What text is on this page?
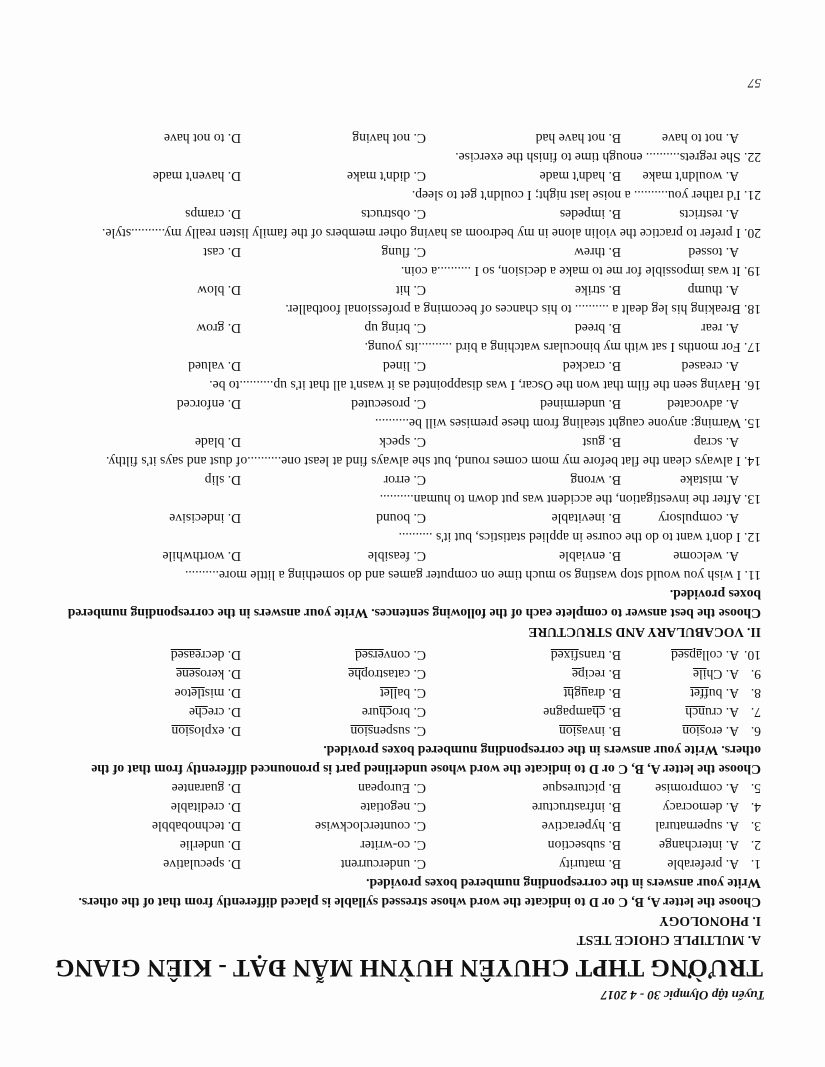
Tuyển tập Olympic 30 - 4 2017
TRƯỜNG THPT CHUYÊN HUỲNH MẪN ĐẠT - KIÊN GIANG
A. MULTIPLE CHOICE TEST
I. PHONOLOGY
Choose the letter A, B, C or D to indicate the word whose stressed syllable is placed differently from that of the others. Write your answers in the corresponding numbered boxes provided.
1.
A. preferable
B. maturity
C. undercurrent
D. speculative
2.
A. interchange
B. subsection
C. co-writer
D. underlie
3.
A. supernatural
B. hyperactive
C. counterclockwise
D. technobabble
4.
A. democracy
B. infrastructure
C. negotiate
D. creditable
5.
A. compromise
B. picturesque
C. European
D. guarantee
Choose the letter A, B, C or D to indicate the word whose underlined part is pronounced differently from that of the others. Write your answers in the corresponding numbered boxes provided.
6.
A. erosion
B. invasion
C. suspension
D. explosion
7.
A. crunch
B. champagne
C. brochure
D. creche
8.
A. buffet
B. draught
C. ballet
D. mistletoe
9.
A. Chile
B. recipe
C. catastrophe
D. kerosene
10.
A. collapsed
B. transfixed
C. conversed
D. decreased
II. VOCABULARY AND STRUCTURE
Choose the best answer to complete each of the following sentences. Write your answers in the corresponding numbered boxes provided.
11. I wish you would stop wasting so much time on computer games and do something a little more..........
A. welcome
B. enviable
C. feasible
D. worthwhile
12. I don't want to do the course in applied statistics, but it's ..........
A. compulsory
B. inevitable
C. bound
D. indecisive
13. After the investigation, the accident was put down to human..........
A. mistake
B. wrong
C. error
D. slip
14. I always clean the flat before my mom comes round, but she always find at least one..........of dust and says it's filthy.
A. scrap
B. gust
C. speck
D. blade
15. Warning: anyone caught stealing from these premises will be..........
A. advocated
B. undermined
C. prosecuted
D. enforced
16. Having seen the film that won the Oscar, I was disappointed as it wasn't all that it's up..........to be.
A. creased
B. cracked
C. lined
D. valued
17. For months I sat with my binoculars watching a bird ..........its young.
A. rear
B. breed
C. bring up
D. grow
18. Breaking his leg dealt a .......... to his chances of becoming a professional footballer.
A. thump
B. strike
C. hit
D. blow
19. It was impossible for me to make a decision, so I ..........a coin.
A. tossed
B. threw
C. flung
D. cast
20. I prefer to practice the violin alone in my bedroom as having other members of the family listen really my..........style.
A. restricts
B. impedes
C. obstructs
D. cramps
21. I'd rather you.......... a noise last night; I couldn't get to sleep.
A. wouldn't make
B. hadn't made
C. didn't make
D. haven't made
22. She regrets.......... enough time to finish the exercise.
A. not to have
B. not have had
C. not having
D. to not have
57
